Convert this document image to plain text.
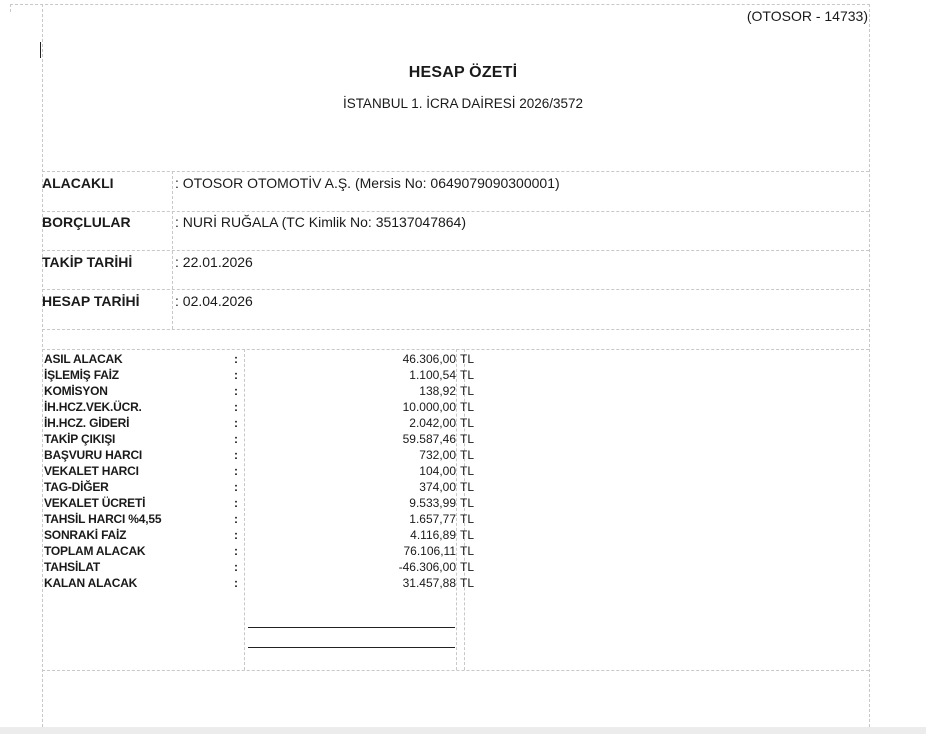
(OTOSOR - 14733)
HESAP ÖZETİ
İSTANBUL 1. İCRA DAİRESİ 2026/3572
ALACAKLI	: OTOSOR OTOMOTİV A.Ş. (Mersis No: 0649079090300001)
BORÇLULAR	: NURİ RUĞALA (TC Kimlik No: 35137047864)
TAKİP TARİHİ	: 22.01.2026
HESAP TARİHİ	: 02.04.2026
ASIL ALACAK	:	46.306,00 TL
İŞLEMİŞ FAİZ	:	1.100,54 TL
KOMİSYON	:	138,92 TL
İH.HCZ.VEK.ÜCR.	:	10.000,00 TL
İH.HCZ. GİDERİ	:	2.042,00 TL
TAKİP ÇIKIŞI	:	59.587,46 TL
BAŞVURU HARCI	:	732,00 TL
VEKALET HARCI	:	104,00 TL
TAG-DİĞER	:	374,00 TL
VEKALET ÜCRETİ	:	9.533,99 TL
TAHSİL HARCI %4,55	:	1.657,77 TL
SONRAKİ FAİZ	:	4.116,89 TL
TOPLAM ALACAK	:	76.106,11 TL
TAHSİLAT	:	-46.306,00 TL
KALAN ALACAK	:	31.457,88 TL
